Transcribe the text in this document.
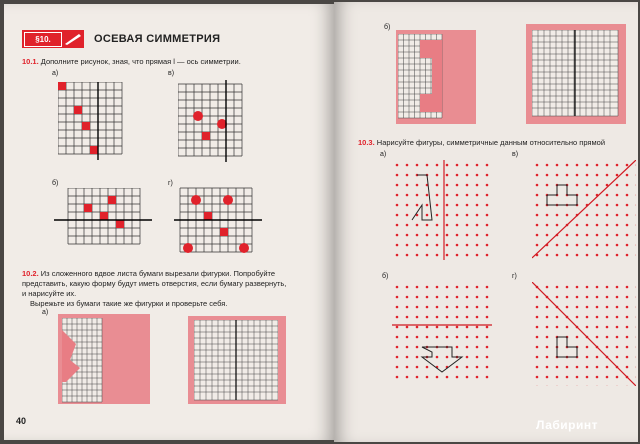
§10.	ОСЕВАЯ СИММЕТРИЯ
10.1. Дополните рисунок, зная, что прямая l — ось симметрии.
а)	в)
б)	г)
10.2. Из сложенного вдвое листа бумаги вырезали фигурки. Попробуйте
представить, какую форму будут иметь отверстия, если бумагу развернуть,
и нарисуйте их.
Вырежьте из бумаги такие же фигурки и проверьте себя.
а)
40
б)
10.3. Нарисуйте фигуры, симметричные данным относительно прямой
а)	в)
б)	г)
Лабиринт
